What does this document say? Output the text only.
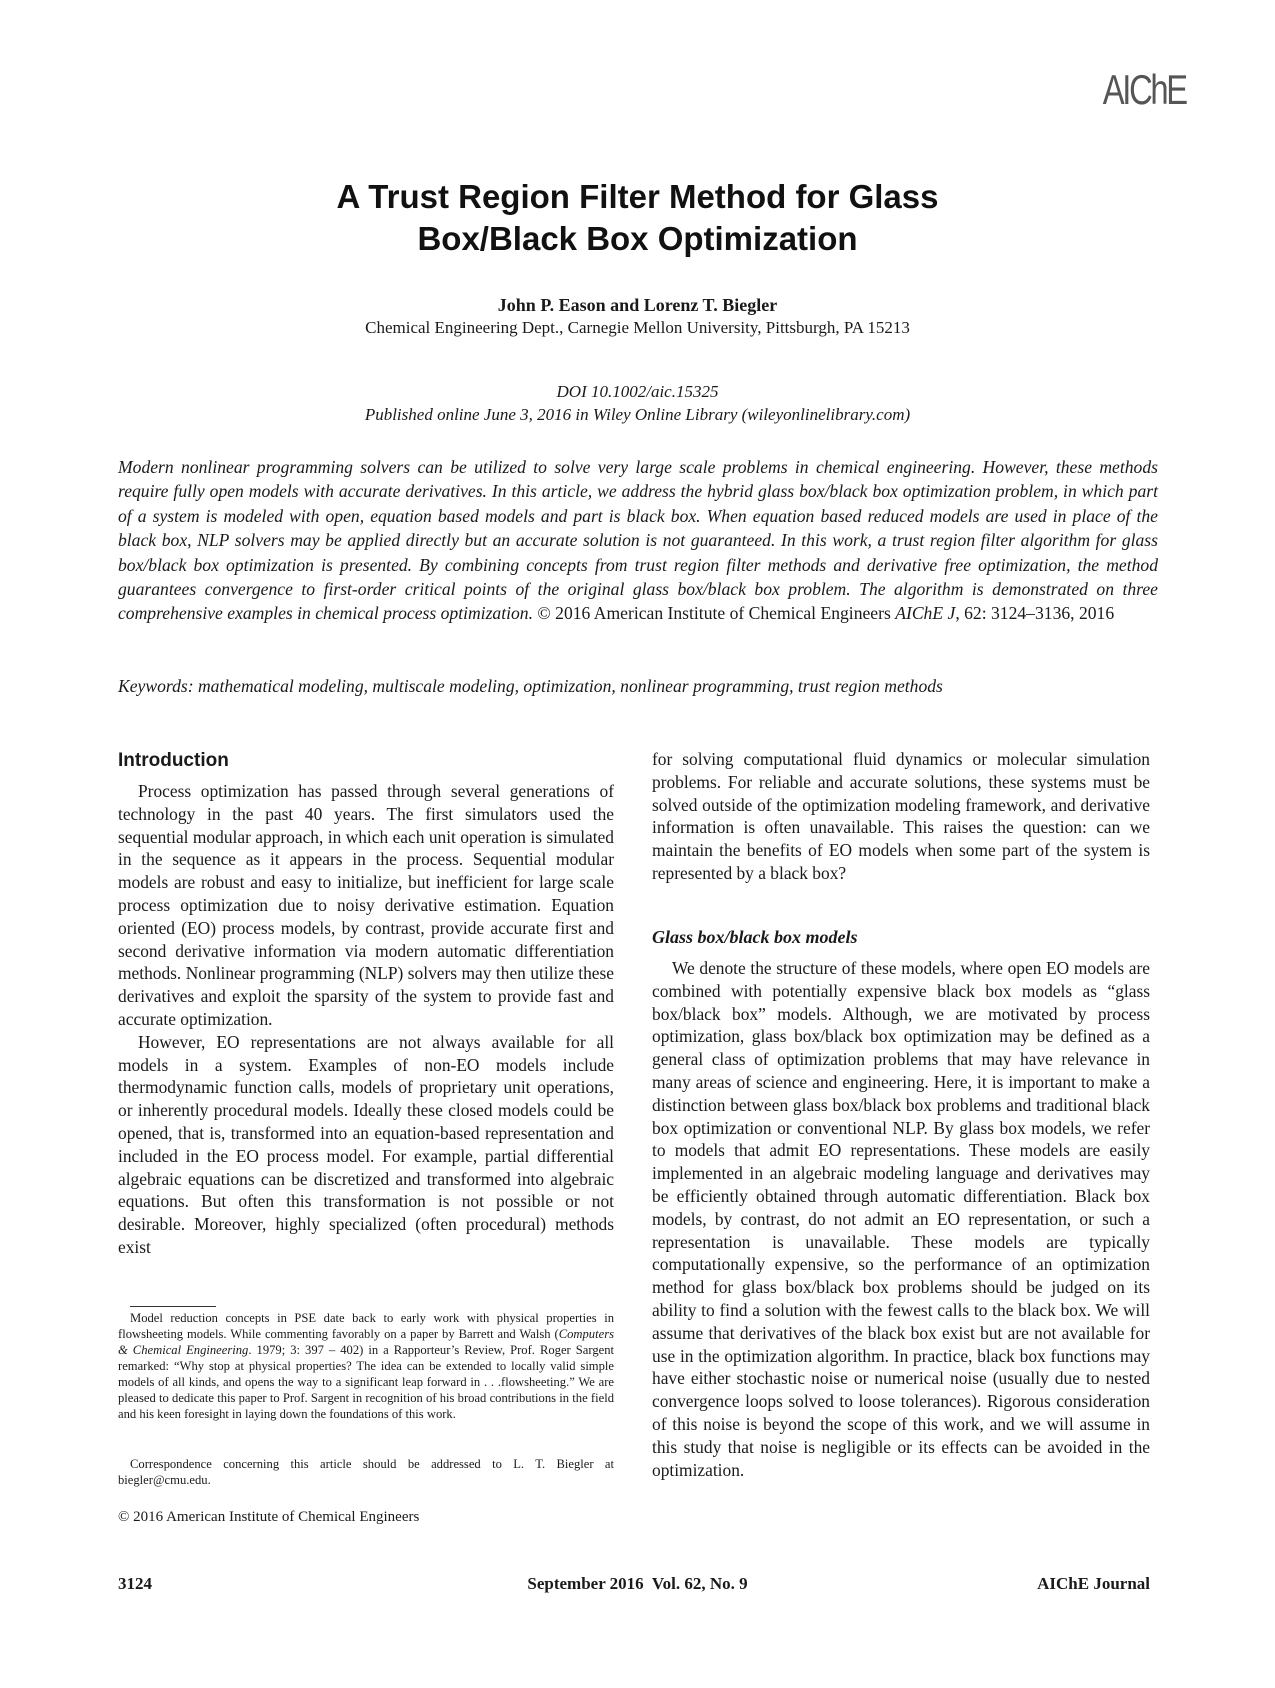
AIChE
A Trust Region Filter Method for Glass
Box/Black Box Optimization
John P. Eason and Lorenz T. Biegler
Chemical Engineering Dept., Carnegie Mellon University, Pittsburgh, PA 15213
DOI 10.1002/aic.15325
Published online June 3, 2016 in Wiley Online Library (wileyonlinelibrary.com)
Modern nonlinear programming solvers can be utilized to solve very large scale problems in chemical engineering. However, these methods require fully open models with accurate derivatives. In this article, we address the hybrid glass box/black box optimization problem, in which part of a system is modeled with open, equation based models and part is black box. When equation based reduced models are used in place of the black box, NLP solvers may be applied directly but an accurate solution is not guaranteed. In this work, a trust region filter algorithm for glass box/black box optimization is presented. By combining concepts from trust region filter methods and derivative free optimization, the method guarantees convergence to first-order critical points of the original glass box/black box problem. The algorithm is demonstrated on three comprehensive examples in chemical process optimization. © 2016 American Institute of Chemical Engineers AIChE J, 62: 3124–3136, 2016
Keywords: mathematical modeling, multiscale modeling, optimization, nonlinear programming, trust region methods
Introduction

Process optimization has passed through several generations of technology in the past 40 years. The first simulators used the sequential modular approach, in which each unit operation is simulated in the sequence as it appears in the process. Sequential modular models are robust and easy to initialize, but inefficient for large scale process optimization due to noisy derivative estimation. Equation oriented (EO) process models, by contrast, provide accurate first and second derivative information via modern automatic differentiation methods. Nonlinear programming (NLP) solvers may then utilize these derivatives and exploit the sparsity of the system to provide fast and accurate optimization.

However, EO representations are not always available for all models in a system. Examples of non-EO models include thermodynamic function calls, models of proprietary unit operations, or inherently procedural models. Ideally these closed models could be opened, that is, transformed into an equation-based representation and included in the EO process model. For example, partial differential algebraic equations can be discretized and transformed into algebraic equations. But often this transformation is not possible or not desirable. Moreover, highly specialized (often procedural) methods exist

for solving computational fluid dynamics or molecular simulation problems. For reliable and accurate solutions, these systems must be solved outside of the optimization modeling framework, and derivative information is often unavailable. This raises the question: can we maintain the benefits of EO models when some part of the system is represented by a black box?

Glass box/black box models

We denote the structure of these models, where open EO models are combined with potentially expensive black box models as “glass box/black box” models. Although, we are motivated by process optimization, glass box/black box optimization may be defined as a general class of optimization problems that may have relevance in many areas of science and engineering. Here, it is important to make a distinction between glass box/black box problems and traditional black box optimization or conventional NLP. By glass box models, we refer to models that admit EO representations. These models are easily implemented in an algebraic modeling language and derivatives may be efficiently obtained through automatic differentiation. Black box models, by contrast, do not admit an EO representation, or such a representation is unavailable. These models are typically computationally expensive, so the performance of an optimization method for glass box/black box problems should be judged on its ability to find a solution with the fewest calls to the black box. We will assume that derivatives of the black box exist but are not available for use in the optimization algorithm. In practice, black box functions may have either stochastic noise or numerical noise (usually due to nested convergence loops solved to loose tolerances). Rigorous consideration of this noise is beyond the scope of this work, and we will assume in this study that noise is negligible or its effects can be avoided in the optimization.

Model reduction concepts in PSE date back to early work with physical properties in flowsheeting models. While commenting favorably on a paper by Barrett and Walsh (Computers & Chemical Engineering. 1979; 3: 397 – 402) in a Rapporteur’s Review, Prof. Roger Sargent remarked: “Why stop at physical properties? The idea can be extended to locally valid simple models of all kinds, and opens the way to a significant leap forward in . . .flowsheeting.” We are pleased to dedicate this paper to Prof. Sargent in recognition of his broad contributions in the field and his keen foresight in laying down the foundations of this work.

Correspondence concerning this article should be addressed to L. T. Biegler at biegler@cmu.edu.

© 2016 American Institute of Chemical Engineers
3124	September 2016  Vol. 62, No. 9	AIChE Journal
